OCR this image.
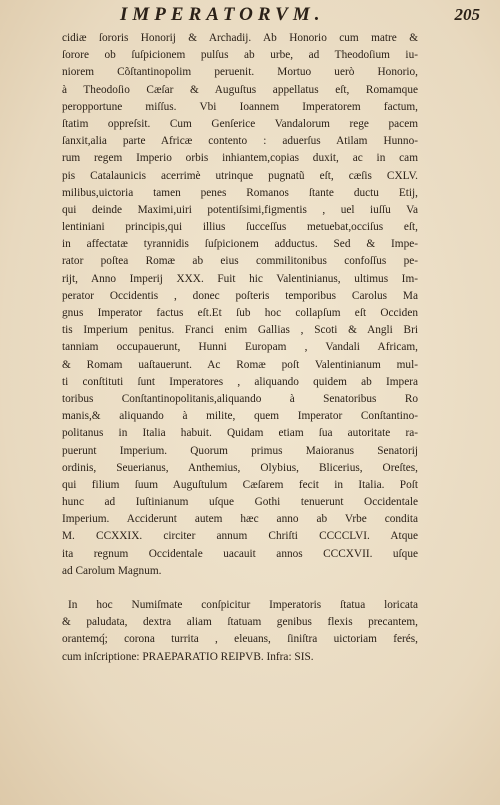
IMPERATORVM.	205
cidiæ ſororis Honorij & Archadij. Ab Honorio cum matre &
ſorore ob ſuſpicionem pulſus ab urbe, ad Theodoſium iu-
niorem Cõſtantinopolim peruenit. Mortuo uerò Honorio,
à Theodoſio Cæſar & Auguſtus appellatus eſt, Romamque
peropportune miſſus. Vbi Ioannem Imperatorem factum,
ſtatim oppreſsit. Cum Genſerice Vandalorum rege pacem
ſanxit,alia parte Africæ contento : aduerſus Atilam Hunno-
rum regem Imperio orbis inhiantem,copias duxit, ac in cam
pis Catalaunicis acerrimè utrinque pugnatũ eſt, cæſis CXLV.
milibus,uictoria tamen penes Romanos ſtante ductu Etij,
qui deinde Maximi,uiri potentiſsimi,figmentis , uel iuſſu Va
lentiniani principis,qui illius ſucceſſus metuebat,occiſus eſt,
in affectatæ tyrannidis ſuſpicionem adductus. Sed & Impe-
rator poſtea Romæ ab eius commilitonibus confoſſus pe-
rijt, Anno Imperij XXX. Fuit hic Valentinianus, ultimus Im-
perator Occidentis , donec poſteris temporibus Carolus Ma
gnus Imperator factus eſt.Et ſub hoc collapſum eſt Occiden
tis Imperium penitus. Franci enim Gallias , Scoti & Angli Bri
tanniam occupauerunt, Hunni Europam , Vandali Africam,
& Romam uaſtauerunt. Ac Romæ poſt Valentinianum mul-
ti conſtituti ſunt Imperatores , aliquando quidem ab Impera
toribus Conſtantinopolitanis,aliquando à Senatoribus Ro
manis,& aliquando à milite, quem Imperator Conſtantino-
politanus in Italia habuit. Quidam etiam ſua autoritate ra-
puerunt Imperium. Quorum primus Maioranus Senatorij
ordinis, Seuerianus, Anthemius, Olybius, Blicerius, Oreſtes,
qui filium ſuum Auguſtulum Cæſarem fecit in Italia. Poſt
hunc ad Iuſtinianum uſque Gothi tenuerunt Occidentale
Imperium. Acciderunt autem hæc anno ab Vrbe condita
M. CCXXIX. circiter annum Chriſti CCCCLVI. Atque
ita regnum Occidentale uacauit annos CCCXVII. uſque
ad Carolum Magnum.
In hoc Numiſmate conſpicitur Imperatoris ſtatua loricata
& paludata, dextra aliam ſtatuam genibus flexis precantem,
orantemq́; corona turrita , eleuans, ſiniſtra uictoriam ferés,
cum inſcriptione: PRAEPARATIO REIPVB. Infra: SIS.
